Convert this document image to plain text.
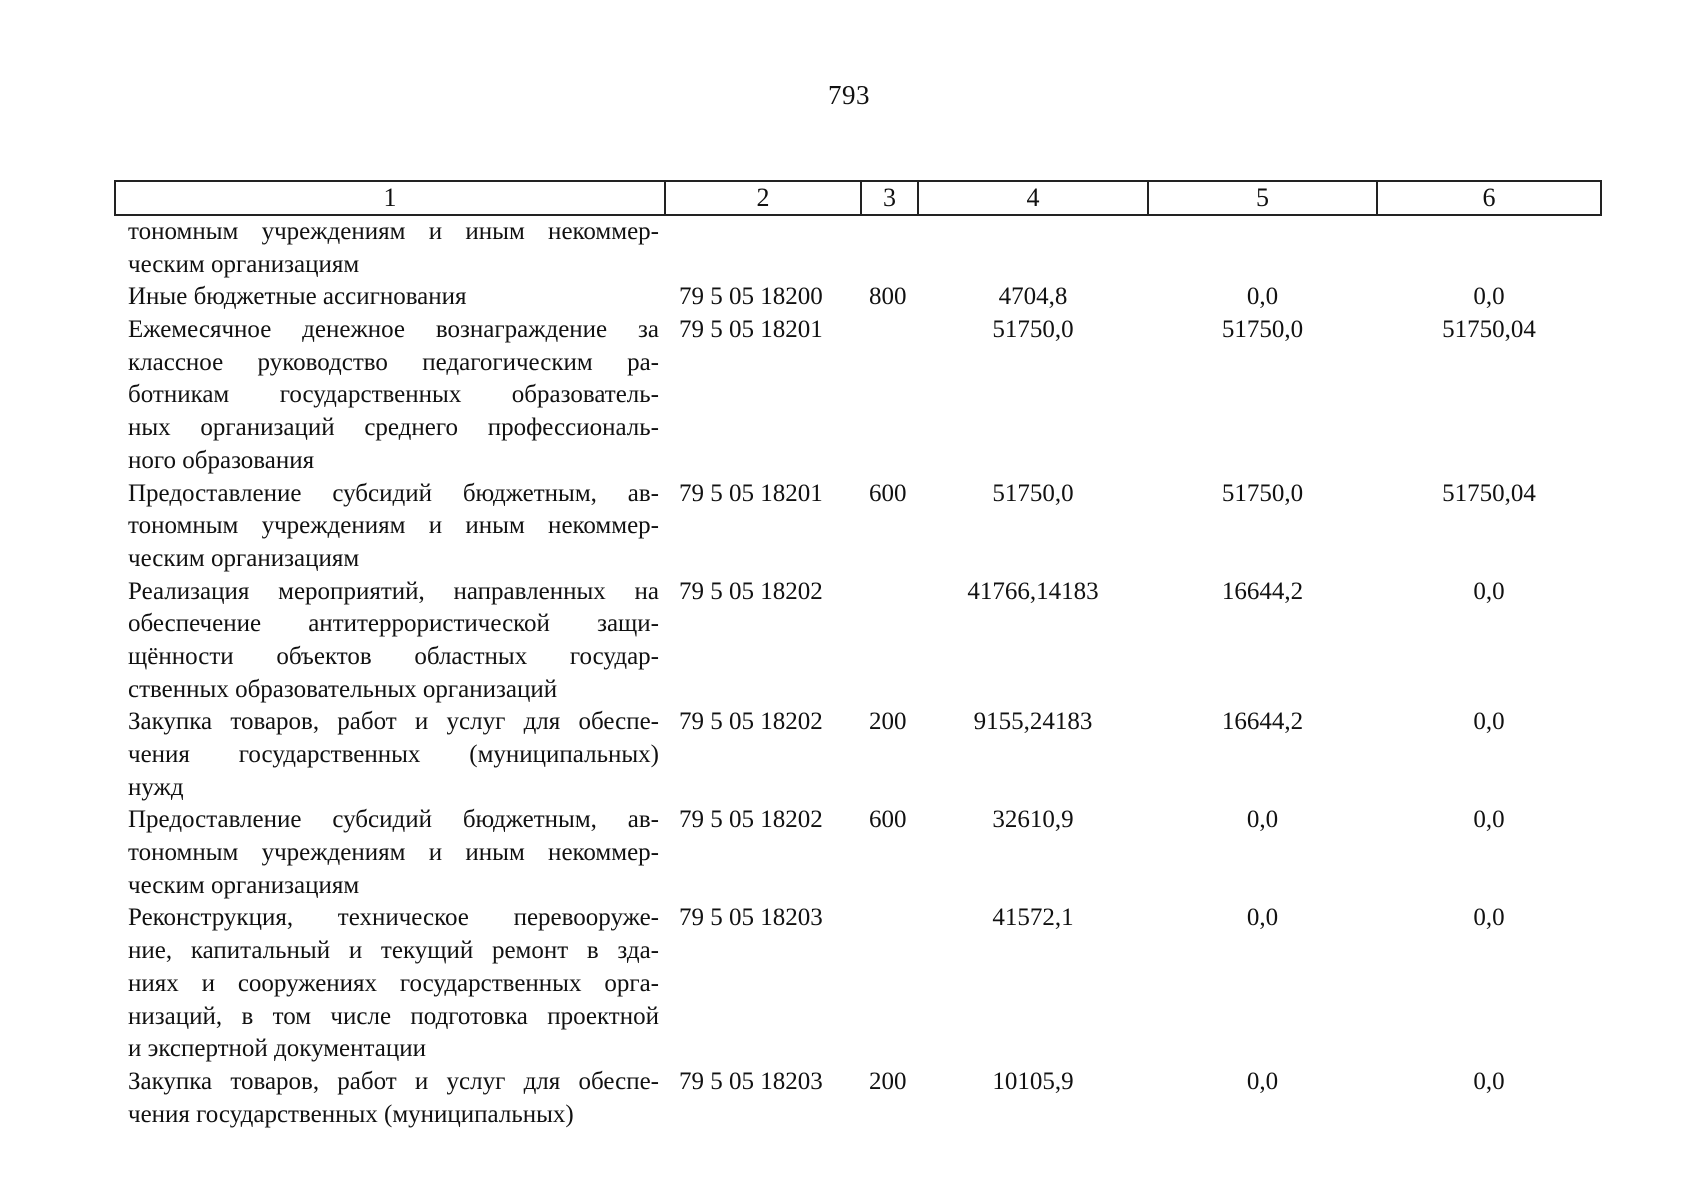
793
1	2	3	4	5	6

тономным учреждениям и иным некоммер-
ческим организациям					

Иные бюджетные ассигнования	79 5 05 18200	800	4704,8	0,0	0,0

Ежемесячное денежное вознаграждение за
классное руководство педагогическим ра-
ботникам государственных образователь-
ных организаций среднего профессиональ-
ного образования	79 5 05 18201		51750,0	51750,0	51750,04

Предоставление субсидий бюджетным, ав-
тономным учреждениям и иным некоммер-
ческим организациям	79 5 05 18201	600	51750,0	51750,0	51750,04

Реализация мероприятий, направленных на
обеспечение антитеррористической защи-
щённости объектов областных государ-
ственных образовательных организаций	79 5 05 18202		41766,14183	16644,2	0,0

Закупка товаров, работ и услуг для обеспе-
чения государственных (муниципальных)
нужд	79 5 05 18202	200	9155,24183	16644,2	0,0

Предоставление субсидий бюджетным, ав-
тономным учреждениям и иным некоммер-
ческим организациям	79 5 05 18202	600	32610,9	0,0	0,0

Реконструкция, техническое перевооруже-
ние, капитальный и текущий ремонт в зда-
ниях и сооружениях государственных орга-
низаций, в том числе подготовка проектной
и экспертной документации	79 5 05 18203		41572,1	0,0	0,0

Закупка товаров, работ и услуг для обеспе-
чения государственных (муниципальных)	79 5 05 18203	200	10105,9	0,0	0,0
